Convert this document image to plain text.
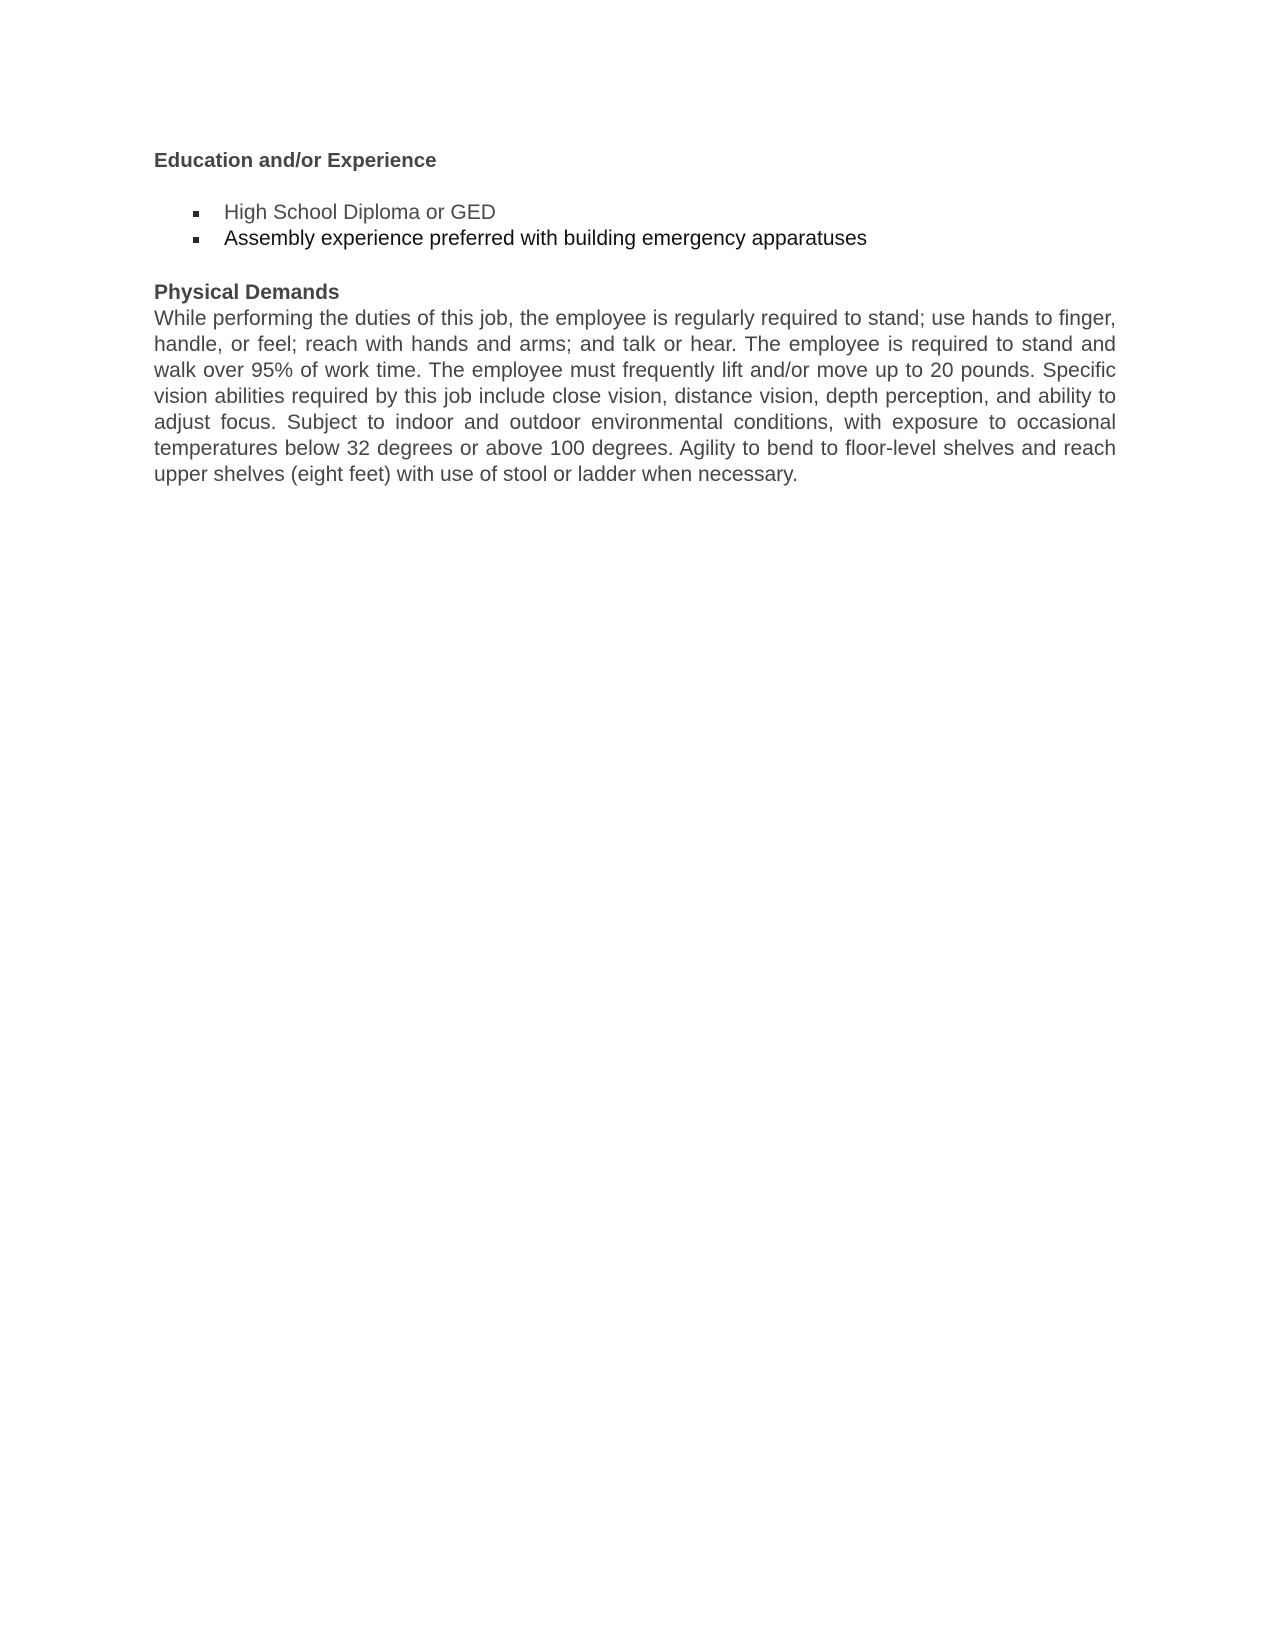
Education and/or Experience
High School Diploma or GED
Assembly experience preferred with building emergency apparatuses
Physical Demands

While performing the duties of this job, the employee is regularly required to stand; use hands to finger, handle, or feel; reach with hands and arms; and talk or hear. The employee is required to stand and walk over 95% of work time. The employee must frequently lift and/or move up to 20 pounds. Specific vision abilities required by this job include close vision, distance vision, depth perception, and ability to adjust focus. Subject to indoor and outdoor environmental conditions, with exposure to occasional temperatures below 32 degrees or above 100 degrees. Agility to bend to floor-level shelves and reach upper shelves (eight feet) with use of stool or ladder when necessary.
